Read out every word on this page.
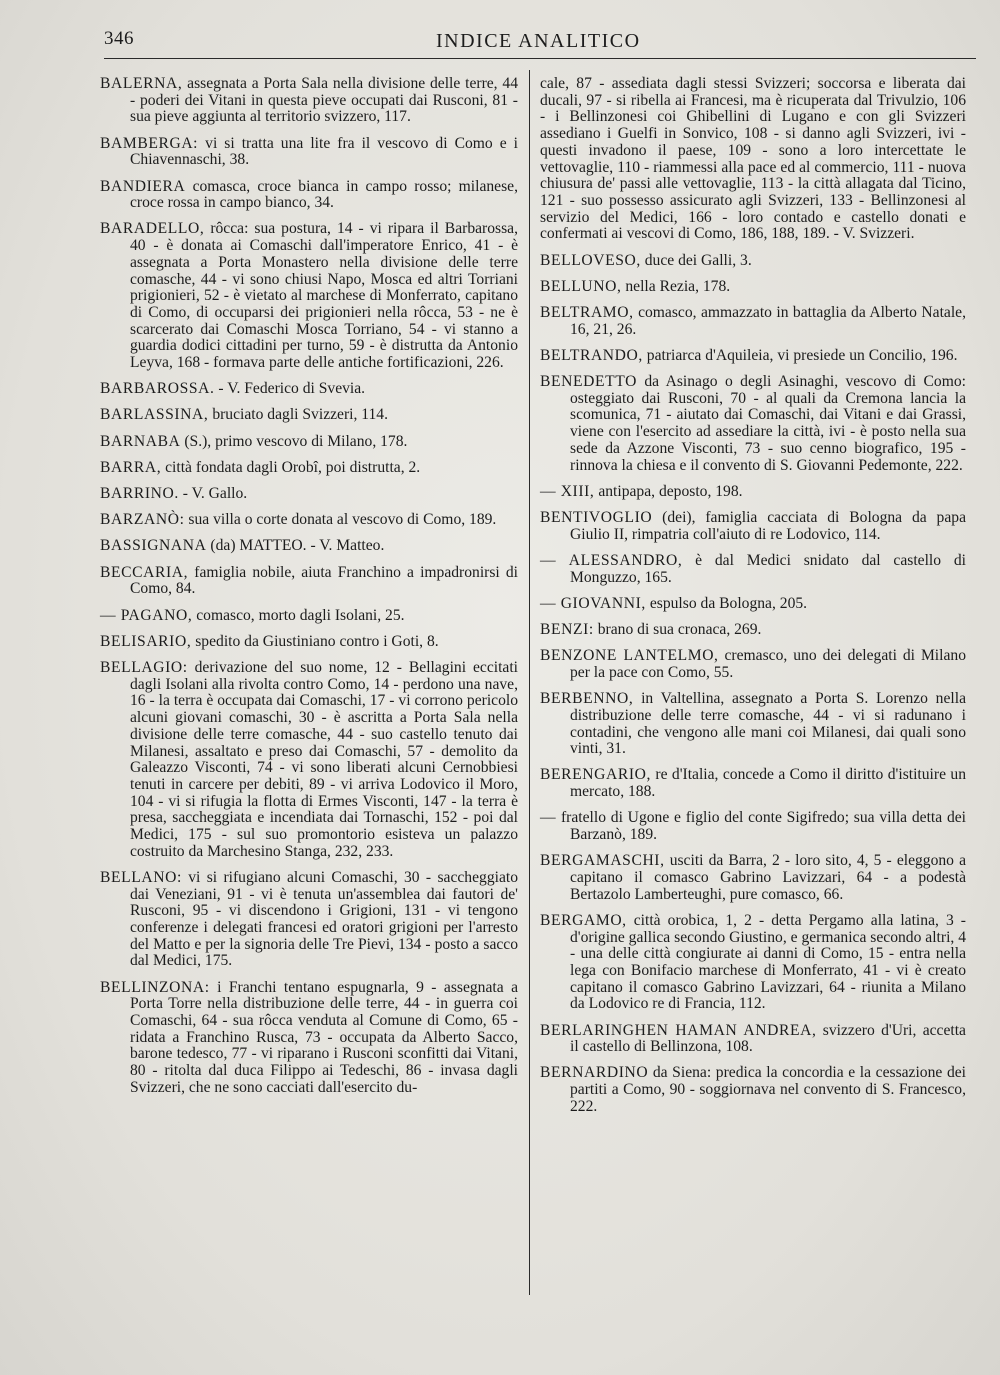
346	INDICE ANALITICO
BALERNA, assegnata a Porta Sala nella divisione delle terre, 44 - poderi dei Vitani in questa pieve occupati dai Rusconi, 81 - sua pieve aggiunta al territorio svizzero, 117.
BAMBERGA: vi si tratta una lite fra il vescovo di Como e i Chiavennaschi, 38.
BANDIERA comasca, croce bianca in campo rosso; milanese, croce rossa in campo bianco, 34.
BARADELLO, rôcca: sua postura, 14 - vi ripara il Barbarossa, 40 - è donata ai Comaschi dall'imperatore Enrico, 41 - è assegnata a Porta Monastero nella divisione delle terre comasche, 44 - vi sono chiusi Napo, Mosca ed altri Torriani prigionieri, 52 - è vietato al marchese di Monferrato, capitano di Como, di occuparsi dei prigionieri nella rôcca, 53 - ne è scarcerato dai Comaschi Mosca Torriano, 54 - vi stanno a guardia dodici cittadini per turno, 59 - è distrutta da Antonio Leyva, 168 - formava parte delle antiche fortificazioni, 226.
BARBAROSSA. - V. Federico di Svevia.
BARLASSINA, bruciato dagli Svizzeri, 114.
BARNABA (S.), primo vescovo di Milano, 178.
BARRA, città fondata dagli Orobî, poi distrutta, 2.
BARRINO. - V. Gallo.
BARZANÒ: sua villa o corte donata al vescovo di Como, 189.
BASSIGNANA (da) MATTEO. - V. Matteo.
BECCARIA, famiglia nobile, aiuta Franchino a impadronirsi di Como, 84.
— PAGANO, comasco, morto dagli Isolani, 25.
BELISARIO, spedito da Giustiniano contro i Goti, 8.
BELLAGIO: derivazione del suo nome, 12 - Bellagini eccitati dagli Isolani alla rivolta contro Como, 14 - perdono una nave, 16 - la terra è occupata dai Comaschi, 17 - vi corrono pericolo alcuni giovani comaschi, 30 - è ascritta a Porta Sala nella divisione delle terre comasche, 44 - suo castello tenuto dai Milanesi, assaltato e preso dai Comaschi, 57 - demolito da Galeazzo Visconti, 74 - vi sono liberati alcuni Cernobbiesi tenuti in carcere per debiti, 89 - vi arriva Lodovico il Moro, 104 - vi si rifugia la flotta di Ermes Visconti, 147 - la terra è presa, saccheggiata e incendiata dai Tornaschi, 152 - poi dal Medici, 175 - sul suo promontorio esisteva un palazzo costruito da Marchesino Stanga, 232, 233.
BELLANO: vi si rifugiano alcuni Comaschi, 30 - saccheggiato dai Veneziani, 91 - vi è tenuta un'assemblea dai fautori de' Rusconi, 95 - vi discendono i Grigioni, 131 - vi tengono conferenze i delegati francesi ed oratori grigioni per l'arresto del Matto e per la signoria delle Tre Pievi, 134 - posto a sacco dal Medici, 175.
BELLINZONA: i Franchi tentano espugnarla, 9 - assegnata a Porta Torre nella distribuzione delle terre, 44 - in guerra coi Comaschi, 64 - sua rôcca venduta al Comune di Como, 65 - ridata a Franchino Rusca, 73 - occupata da Alberto Sacco, barone tedesco, 77 - vi riparano i Rusconi sconfitti dai Vitani, 80 - ritolta dal duca Filippo ai Tedeschi, 86 - invasa dagli Svizzeri, che ne sono cacciati dall'esercito du-
cale, 87 - assediata dagli stessi Svizzeri; soccorsa e liberata dai ducali, 97 - si ribella ai Francesi, ma è ricuperata dal Trivulzio, 106 - i Bellinzonesi coi Ghibellini di Lugano e con gli Svizzeri assediano i Guelfi in Sonvico, 108 - si danno agli Svizzeri, ivi - questi invadono il paese, 109 - sono a loro intercettate le vettovaglie, 110 - riammessi alla pace ed al commercio, 111 - nuova chiusura de' passi alle vettovaglie, 113 - la città allagata dal Ticino, 121 - suo possesso assicurato agli Svizzeri, 133 - Bellinzonesi al servizio del Medici, 166 - loro contado e castello donati e confermati ai vescovi di Como, 186, 188, 189. - V. Svizzeri.
BELLOVESO, duce dei Galli, 3.
BELLUNO, nella Rezia, 178.
BELTRAMO, comasco, ammazzato in battaglia da Alberto Natale, 16, 21, 26.
BELTRANDO, patriarca d'Aquileia, vi presiede un Concilio, 196.
BENEDETTO da Asinago o degli Asinaghi, vescovo di Como: osteggiato dai Rusconi, 70 - al quali da Cremona lancia la scomunica, 71 - aiutato dai Comaschi, dai Vitani e dai Grassi, viene con l'esercito ad assediare la città, ivi - è posto nella sua sede da Azzone Visconti, 73 - suo cenno biografico, 195 - rinnova la chiesa e il convento di S. Giovanni Pedemonte, 222.
— XIII, antipapa, deposto, 198.
BENTIVOGLIO (dei), famiglia cacciata di Bologna da papa Giulio II, rimpatria coll'aiuto di re Lodovico, 114.
— ALESSANDRO, è dal Medici snidato dal castello di Monguzzo, 165.
— GIOVANNI, espulso da Bologna, 205.
BENZI: brano di sua cronaca, 269.
BENZONE LANTELMO, cremasco, uno dei delegati di Milano per la pace con Como, 55.
BERBENNO, in Valtellina, assegnato a Porta S. Lorenzo nella distribuzione delle terre comasche, 44 - vi si radunano i contadini, che vengono alle mani coi Milanesi, dai quali sono vinti, 31.
BERENGARIO, re d'Italia, concede a Como il diritto d'istituire un mercato, 188.
— fratello di Ugone e figlio del conte Sigifredo; sua villa detta dei Barzanò, 189.
BERGAMASCHI, usciti da Barra, 2 - loro sito, 4, 5 - eleggono a capitano il comasco Gabrino Lavizzari, 64 - a podestà Bertazolo Lamberteughi, pure comasco, 66.
BERGAMO, città orobica, 1, 2 - detta Pergamo alla latina, 3 - d'origine gallica secondo Giustino, e germanica secondo altri, 4 - una delle città congiurate ai danni di Como, 15 - entra nella lega con Bonifacio marchese di Monferrato, 41 - vi è creato capitano il comasco Gabrino Lavizzari, 64 - riunita a Milano da Lodovico re di Francia, 112.
BERLARINGHEN HAMAN ANDREA, svizzero d'Uri, accetta il castello di Bellinzona, 108.
BERNARDINO da Siena: predica la concordia e la cessazione dei partiti a Como, 90 - soggiornava nel convento di S. Francesco, 222.
